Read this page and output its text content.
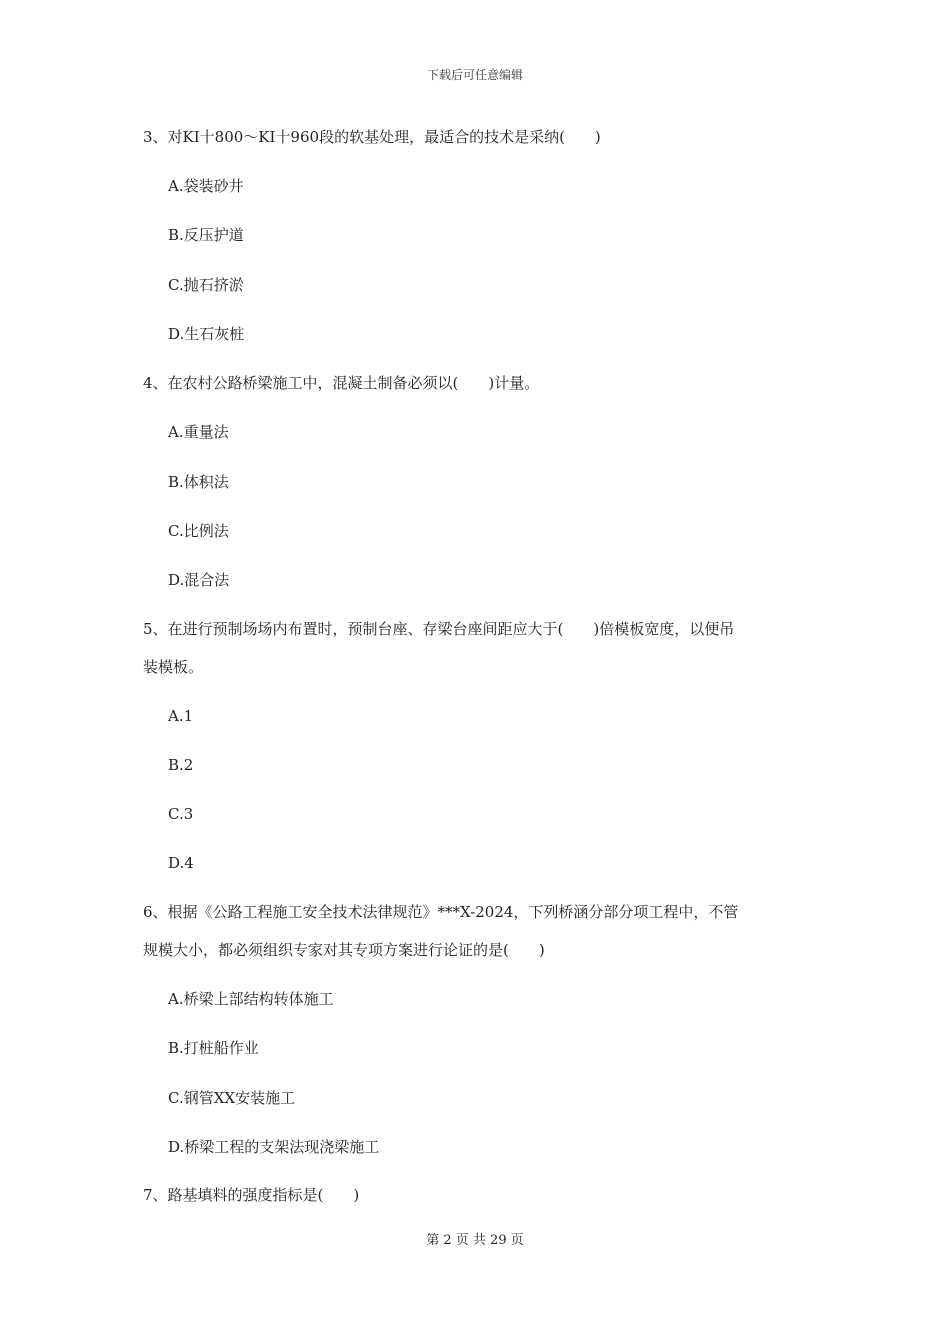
下载后可任意编辑
3、对KI十800～KI十960段的软基处理，最适合的技术是采纳(　　)
A.袋装砂井
B.反压护道
C.抛石挤淤
D.生石灰桩
4、在农村公路桥梁施工中，混凝土制备必须以(　　)计量。
A.重量法
B.体积法
C.比例法
D.混合法
5、在进行预制场场内布置时，预制台座、存梁台座间距应大于(　　)倍模板宽度，以便吊
装模板。
A.1
B.2
C.3
D.4
6、根据《公路工程施工安全技术法律规范》***X-2024，下列桥涵分部分项工程中，不管
规模大小，都必须组织专家对其专项方案进行论证的是(　　)
A.桥梁上部结构转体施工
B.打桩船作业
C.钢管XX安装施工
D.桥梁工程的支架法现浇梁施工
7、路基填料的强度指标是(　　)
第 2 页 共 29 页
